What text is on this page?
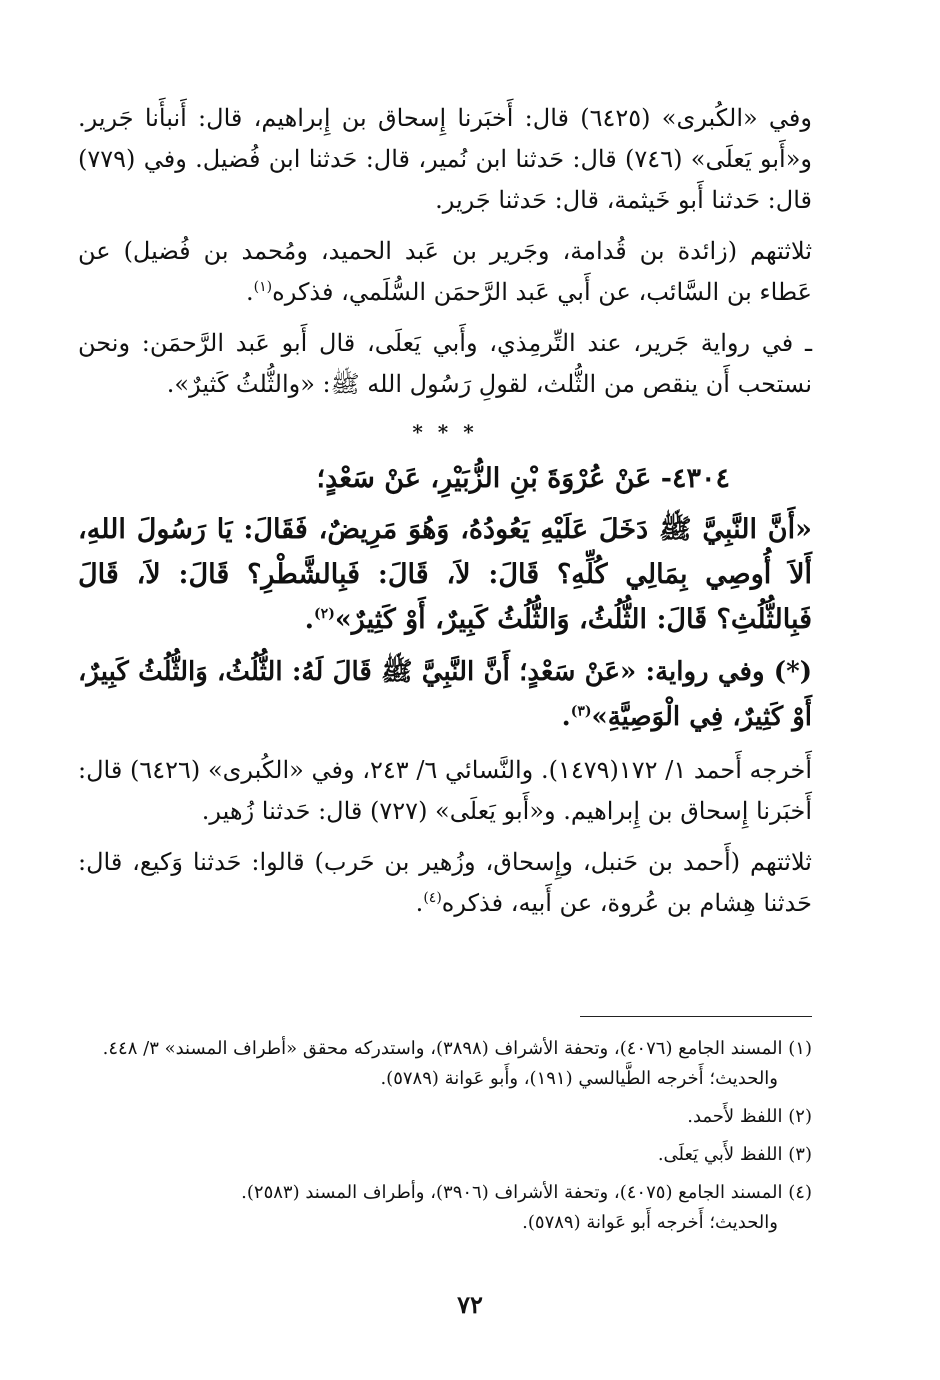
وفي «الكُبرى» (٦٤٢٥) قال: أَخبَرنا إِسحاق بن إِبراهيم، قال: أَنبأَنا جَرير. و«أَبو يَعلَى» (٧٤٦) قال: حَدثنا ابن نُمير، قال: حَدثنا ابن فُضيل. وفي (٧٧٩) قال: حَدثنا أَبو خَيثمة، قال: حَدثنا جَرير.

ثلاثتهم (زائدة بن قُدامة، وجَرير بن عَبد الحميد، ومُحمد بن فُضيل) عن عَطاء بن السَّائب، عن أَبي عَبد الرَّحمَن السُّلَمي، فذكره$^{(١)}$.

ـ في رواية جَرير، عند التِّرمِذي، وأَبي يَعلَى، قال أَبو عَبد الرَّحمَن: ونحن نستحب أَن ينقص من الثُّلث، لقولِ رَسُول الله ﷺ: «والثُّلثُ كَثيرٌ».

* * *

٤٣٠٤- عَنْ عُرْوَةَ بْنِ الزُّبَيْرِ، عَنْ سَعْدٍ؛

«أَنَّ النَّبِيَّ ﷺ دَخَلَ عَلَيْهِ يَعُودُهُ، وَهُوَ مَرِيضٌ، فَقَالَ: يَا رَسُولَ اللهِ، أَلاَ أُوصِي بِمَالِي كُلِّهِ؟ قَالَ: لاَ، قَالَ: فَبِالشَّطْرِ؟ قَالَ: لاَ، قَالَ فَبِالثُّلُثِ؟ قَالَ: الثُّلُثُ، وَالثُّلُثُ كَبِيرٌ، أَوْ كَثِيرٌ»$^{(٢)}$.

(*) وفي رواية: «عَنْ سَعْدٍ؛ أَنَّ النَّبِيَّ ﷺ قَالَ لَهُ: الثُّلُثُ، وَالثُّلُثُ كَبِيرٌ، أَوْ كَثِيرٌ، فِي الْوَصِيَّةِ»$^{(٣)}$.

أَخرجه أَحمد ١/ ١٧٢(١٤٧٩). والنَّسائي ٦/ ٢٤٣، وفي «الكُبرى» (٦٤٢٦) قال: أَخبَرنا إِسحاق بن إِبراهيم. و«أَبو يَعلَى» (٧٢٧) قال: حَدثنا زُهير.

ثلاثتهم (أَحمد بن حَنبل، وإِسحاق، وزُهير بن حَرب) قالوا: حَدثنا وَكيع، قال: حَدثنا هِشام بن عُروة، عن أَبيه، فذكره$^{(٤)}$.

(١) المسند الجامع (٤٠٧٦)، وتحفة الأشراف (٣٨٩٨)، واستدركه محقق «أطراف المسند» ٣/ ٤٤٨.
والحديث؛ أَخرجه الطَّيالسي (١٩١)، وأَبو عَوانة (٥٧٨٩).

(٢) اللفظ لأَحمد.

(٣) اللفظ لأَبي يَعلَى.

(٤) المسند الجامع (٤٠٧٥)، وتحفة الأشراف (٣٩٠٦)، وأطراف المسند (٢٥٨٣).
والحديث؛ أَخرجه أَبو عَوانة (٥٧٨٩).

٧٢
